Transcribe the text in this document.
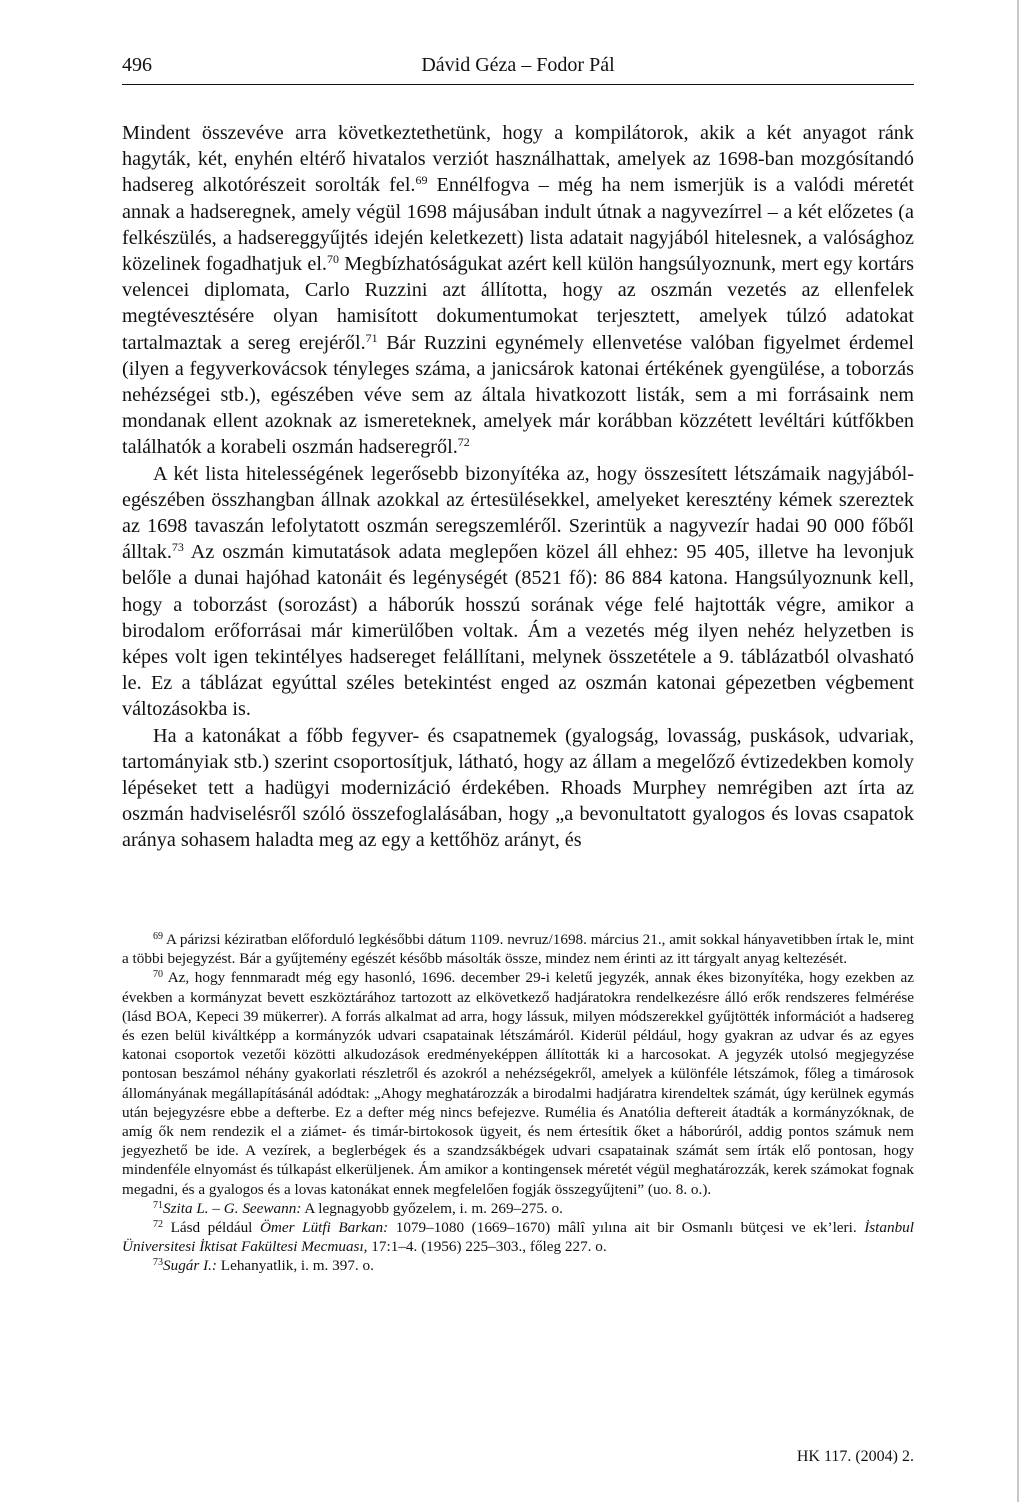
496	Dávid Géza – Fodor Pál

Mindent összevéve arra következtethetünk, hogy a kompilátorok, akik a két anyagot ránk hagyták, két, enyhén eltérő hivatalos verziót használhattak, amelyek az 1698-ban mozgósítandó hadsereg alkotórészeit sorolták fel.$^{69}$ Ennélfogva – még ha nem ismerjük is a valódi méretét annak a hadseregnek, amely végül 1698 májusában indult útnak a nagyvezírrel – a két előzetes (a felkészülés, a hadsereggyűjtés idején keletkezett) lista adatait nagyjából hitelesnek, a valósághoz közelinek fogadhatjuk el.$^{70}$ Megbízhatóságukat azért kell külön hangsúlyoznunk, mert egy kortárs velencei diplomata, Carlo Ruzzini azt állította, hogy az oszmán vezetés az ellenfelek megtévesztésére olyan hamisított dokumentumokat terjesztett, amelyek túlzó adatokat tartalmaztak a sereg erejéről.$^{71}$ Bár Ruzzini egynémely ellenvetése valóban figyelmet érdemel (ilyen a fegyverkovácsok tényleges száma, a janicsárok katonai értékének gyengülése, a toborzás nehézségei stb.), egészében véve sem az általa hivatkozott listák, sem a mi forrásaink nem mondanak ellent azoknak az ismereteknek, amelyek már korábban közzétett levéltári kútfőkben találhatók a korabeli oszmán hadseregről.$^{72}$

A két lista hitelességének legerősebb bizonyítéka az, hogy összesített létszámaik nagyjából-egészében összhangban állnak azokkal az értesülésekkel, amelyeket keresztény kémek szereztek az 1698 tavaszán lefolytatott oszmán seregszemléről. Szerintük a nagyvezír hadai 90 000 főből álltak.$^{73}$ Az oszmán kimutatások adata meglepően közel áll ehhez: 95 405, illetve ha levonjuk belőle a dunai hajóhad katonáit és legénységét (8521 fő): 86 884 katona. Hangsúlyoznunk kell, hogy a toborzást (sorozást) a háborúk hosszú sorának vége felé hajtották végre, amikor a birodalom erőforrásai már kimerülőben voltak. Ám a vezetés még ilyen nehéz helyzetben is képes volt igen tekintélyes hadsereget felállítani, melynek összetétele a 9. táblázatból olvasható le. Ez a táblázat egyúttal széles betekintést enged az oszmán katonai gépezetben végbement változásokba is.

Ha a katonákat a főbb fegyver- és csapatnemek (gyalogság, lovasság, puskások, udvariak, tartományiak stb.) szerint csoportosítjuk, látható, hogy az állam a megelőző évtizedekben komoly lépéseket tett a hadügyi modernizáció érdekében. Rhoads Murphey nemrégiben azt írta az oszmán hadviselésről szóló összefoglalásában, hogy „a bevonultatott gyalogos és lovas csapatok aránya sohasem haladta meg az egy a kettőhöz arányt, és

$^{69}$ A párizsi kéziratban előforduló legkésőbbi dátum 1109. nevruz/1698. március 21., amit sokkal hányavetibben írtak le, mint a többi bejegyzést. Bár a gyűjtemény egészét később másolták össze, mindez nem érinti az itt tárgyalt anyag keltezését.

$^{70}$ Az, hogy fennmaradt még egy hasonló, 1696. december 29-i keletű jegyzék, annak ékes bizonyítéka, hogy ezekben az években a kormányzat bevett eszköztárához tartozott az elkövetkező hadjáratokra rendelkezésre álló erők rendszeres felmérése (lásd BOA, Kepeci 39 mükerrer). A forrás alkalmat ad arra, hogy lássuk, milyen módszerekkel gyűjtötték információt a hadsereg és ezen belül kiváltképp a kormányzók udvari csapatainak létszámáról. Kiderül például, hogy gyakran az udvar és az egyes katonai csoportok vezetői közötti alkudozások eredményeképpen állították ki a harcosokat. A jegyzék utolsó megjegyzése pontosan beszámol néhány gyakorlati részletről és azokról a nehézségekről, amelyek a különféle létszámok, főleg a timárosok állományának megállapításánál adódtak: „Ahogy meghatározzák a birodalmi hadjáratra kirendeltek számát, úgy kerülnek egymás után bejegyzésre ebbe a defterbe. Ez a defter még nincs befejezve. Rumélia és Anatólia deftereit átadták a kormányzóknak, de amíg ők nem rendezik el a ziámet- és timár-birtokosok ügyeit, és nem értesítik őket a háborúról, addig pontos számuk nem jegyezhető be ide. A vezírek, a beglerbégek és a szandzsákbégek udvari csapatainak számát sem írták elő pontosan, hogy mindenféle elnyomást és túlkapást elkerüljenek. Ám amikor a kontingensek méretét végül meghatározzák, kerek számokat fognak megadni, és a gyalogos és a lovas katonákat ennek megfelelően fogják összegyűjteni” (uo. 8. o.).

$^{71}$Szita L. – G. Seewann: A legnagyobb győzelem, i. m. 269–275. o.

$^{72}$ Lásd például Ömer Lütfi Barkan: 1079–1080 (1669–1670) mâlî yılına ait bir Osmanlı bütçesi ve ek’leri. İstanbul Üniversitesi İktisat Fakültesi Mecmuası, 17:1–4. (1956) 225–303., főleg 227. o.

$^{73}$Sugár I.: Lehanyatlik, i. m. 397. o.

HK 117. (2004) 2.
